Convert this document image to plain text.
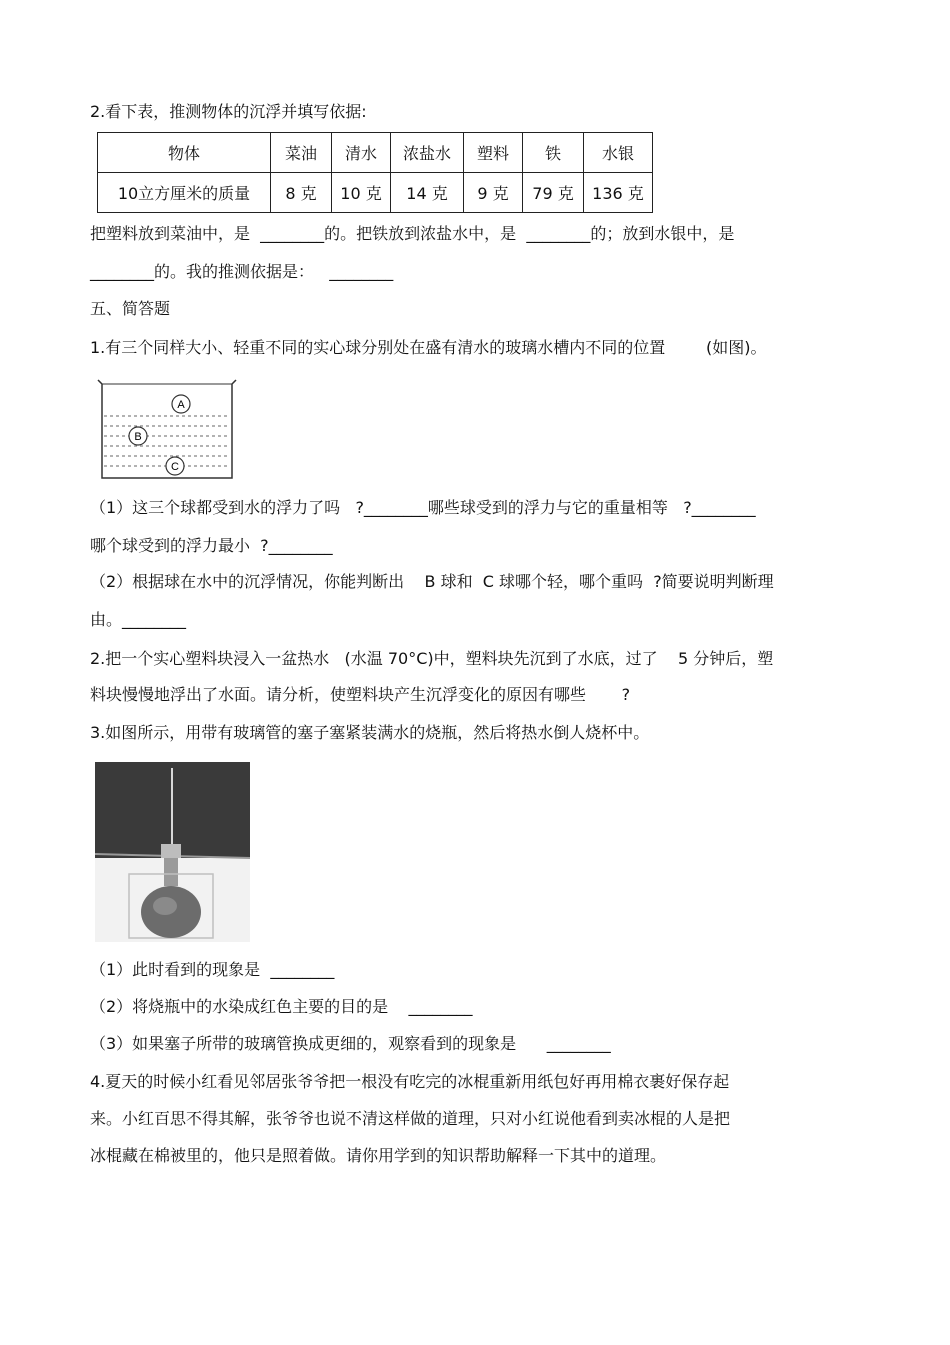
2.看下表，推测物体的沉浮并填写依据:
物体	菜油	清水	浓盐水	塑料	铁	水银
10立方厘米的质量	8 克	10 克	14 克	9 克	79 克	136 克
把塑料放到菜油中，是  ________的。把铁放到浓盐水中，是  ________的；放到水银中，是
________的。我的推测依据是：   ________
五、简答题
1.有三个同样大小、轻重不同的实心球分别处在盛有清水的玻璃水槽内不同的位置        (如图)。
A
B
C
（1）这三个球都受到水的浮力了吗   ?________哪些球受到的浮力与它的重量相等   ?________
哪个球受到的浮力最小  ?________
（2）根据球在水中的沉浮情况，你能判断出    B 球和  C 球哪个轻，哪个重吗  ?简要说明判断理
由。________
2.把一个实心塑料块浸入一盆热水   (水温 70°C)中，塑料块先沉到了水底，过了    5 分钟后，塑
料块慢慢地浮出了水面。请分析，使塑料块产生沉浮变化的原因有哪些       ?
3.如图所示，用带有玻璃管的塞子塞紧装满水的烧瓶，然后将热水倒人烧杯中。
（1）此时看到的现象是  ________
（2）将烧瓶中的水染成红色主要的目的是    ________
（3）如果塞子所带的玻璃管换成更细的，观察看到的现象是      ________
4.夏天的时候小红看见邻居张爷爷把一根没有吃完的冰棍重新用纸包好再用棉衣裹好保存起
来。小红百思不得其解，张爷爷也说不清这样做的道理，只对小红说他看到卖冰棍的人是把
冰棍藏在棉被里的，他只是照着做。请你用学到的知识帮助解释一下其中的道理。
